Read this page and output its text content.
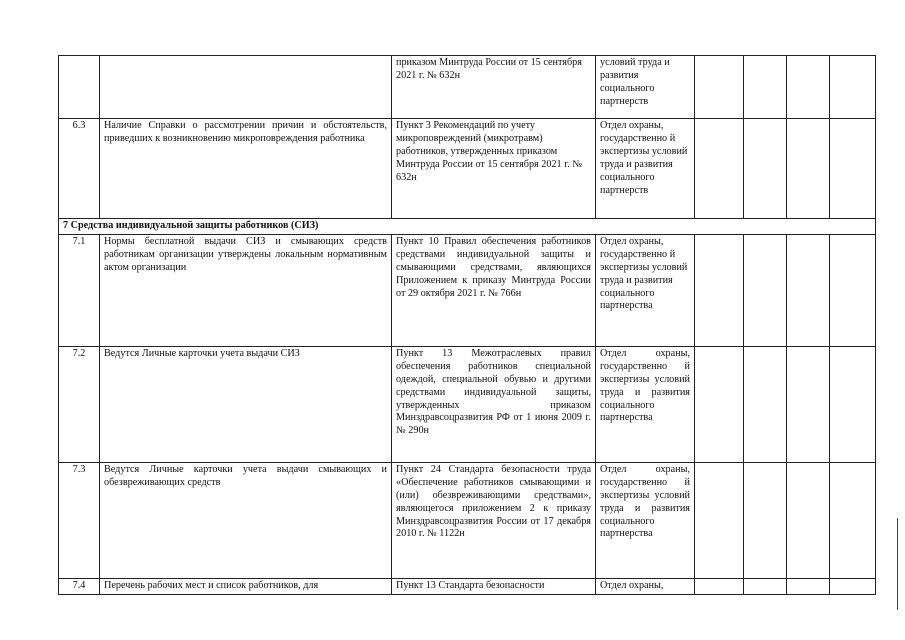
		приказом Минтруда России от 15 сентября 2021 г. № 632н	условий труда и развития социального партнерств				
6.3	Наличие Справки о рассмотрении причин и обстоятельств, приведших к возникновению микроповреждения работника	Пункт 3 Рекомендаций по учету микроповреждений (микротравм) работников, утвержденных приказом Минтруда России от 15 сентября 2021 г. № 632н	Отдел охраны, государственно й экспертизы условий труда и развития социального партнерств				
7 Средства индивидуальной защиты работников (СИЗ)							
7.1	Нормы бесплатной выдачи СИЗ и смывающих средств работникам организации утверждены локальным нормативным актом организации	Пункт 10 Правил обеспечения работников средствами индивидуальной защиты и смывающими средствами, являющихся Приложением к приказу Минтруда России от 29 октября 2021 г. № 766н	Отдел охраны, государственно й экспертизы условий труда и развития социального партнерства				
7.2	Ведутся Личные карточки учета выдачи СИЗ	Пункт 13 Межотраслевых правил обеспечения работников специальной одеждой, специальной обувью и другими средствами индивидуальной защиты, утвержденных приказом Минздравсоцразвития РФ от 1 июня 2009 г. № 290н	Отдел охраны, государственно й экспертизы условий труда и развития социального партнерства				
7.3	Ведутся Личные карточки учета выдачи смывающих и обезвреживающих средств	Пункт 24 Стандарта безопасности труда «Обеспечение работников смывающими и (или) обезвреживающими средствами», являющегося приложением 2 к приказу Минздравсоцразвития России от 17 декабря 2010 г. № 1122н	Отдел охраны, государственно й экспертизы условий труда и развития социального партнерства				
7.4	Перечень рабочих мест и список работников, для	Пункт 13 Стандарта безопасности	Отдел охраны,				
